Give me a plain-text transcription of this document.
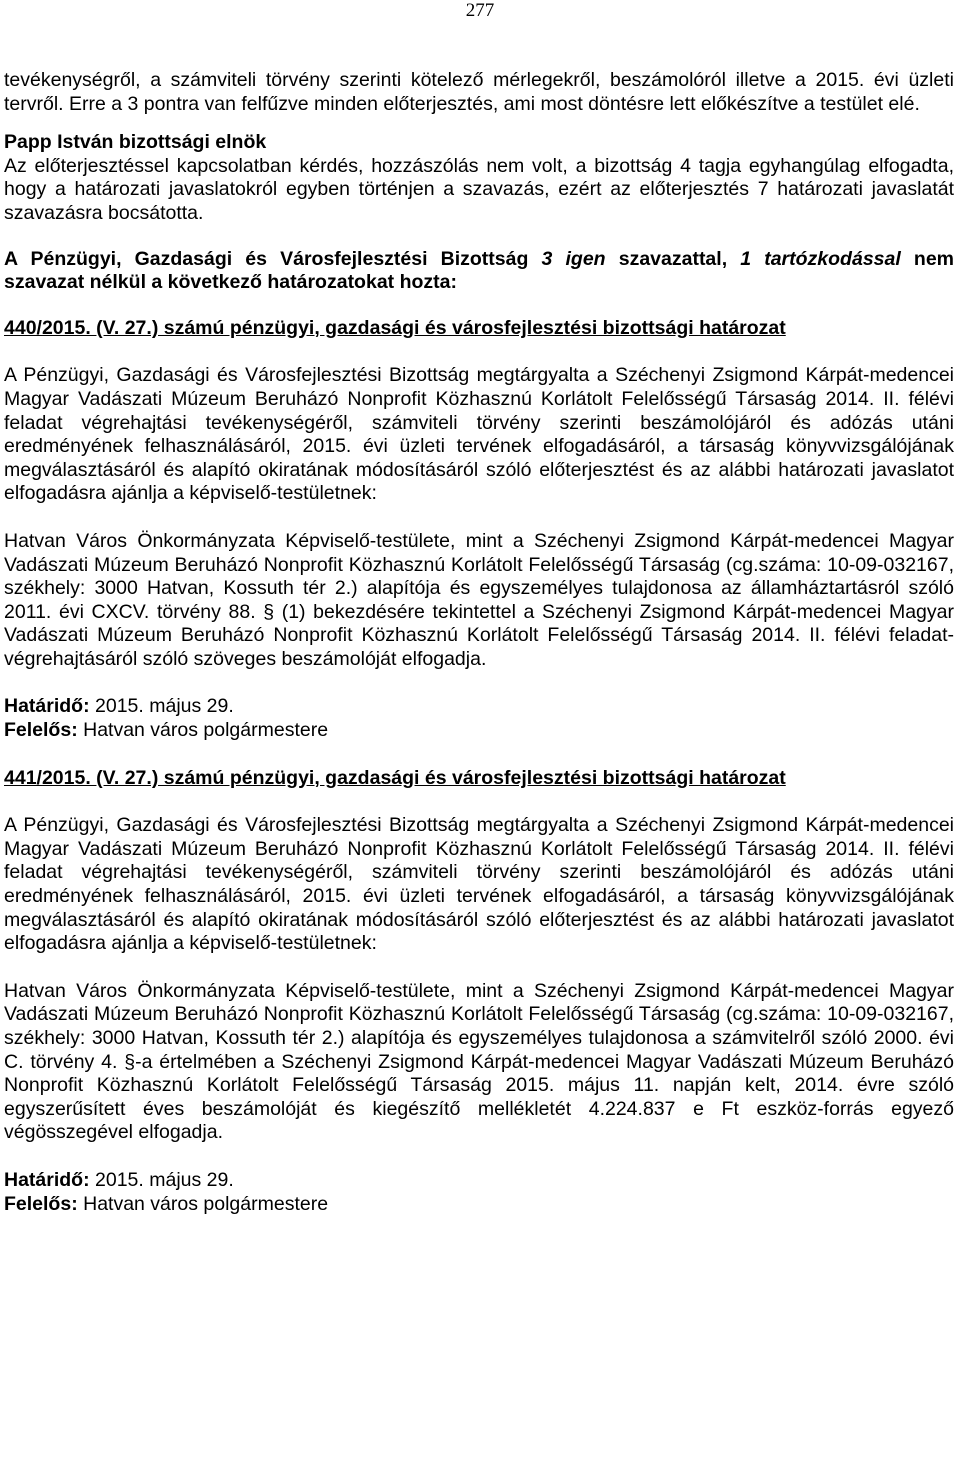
277

tevékenységről, a számviteli törvény szerinti kötelező mérlegekről, beszámolóról illetve a 2015. évi üzleti tervről. Erre a 3 pontra van felfűzve minden előterjesztés, ami most döntésre lett előkészítve a testület elé.

Papp István bizottsági elnök

Az előterjesztéssel kapcsolatban kérdés, hozzászólás nem volt, a bizottság 4 tagja egyhangúlag elfogadta, hogy a határozati javaslatokról egyben történjen a szavazás, ezért az előterjesztés 7 határozati javaslatát szavazásra bocsátotta.

A Pénzügyi, Gazdasági és Városfejlesztési Bizottság 3 igen szavazattal, 1 tartózkodással nem szavazat nélkül a következő határozatokat hozta:

440/2015. (V. 27.) számú pénzügyi, gazdasági és városfejlesztési bizottsági határozat

A Pénzügyi, Gazdasági és Városfejlesztési Bizottság megtárgyalta a Széchenyi Zsigmond Kárpát-medencei Magyar Vadászati Múzeum Beruházó Nonprofit Közhasznú Korlátolt Felelősségű Társaság 2014. II. félévi feladat végrehajtási tevékenységéről, számviteli törvény szerinti beszámolójáról és adózás utáni eredményének felhasználásáról, 2015. évi üzleti tervének elfogadásáról, a társaság könyvvizsgálójának megválasztásáról és alapító okiratának módosításáról szóló előterjesztést és az alábbi határozati javaslatot elfogadásra ajánlja a képviselő-testületnek:

Hatvan Város Önkormányzata Képviselő-testülete, mint a Széchenyi Zsigmond Kárpát-medencei Magyar Vadászati Múzeum Beruházó Nonprofit Közhasznú Korlátolt Felelősségű Társaság (cg.száma: 10-09-032167, székhely: 3000 Hatvan, Kossuth tér 2.) alapítója és egyszemélyes tulajdonosa az államháztartásról szóló 2011. évi CXCV. törvény 88. § (1) bekezdésére tekintettel a Széchenyi Zsigmond Kárpát-medencei Magyar Vadászati Múzeum Beruházó Nonprofit Közhasznú Korlátolt Felelősségű Társaság 2014. II. félévi feladat-végrehajtásáról szóló szöveges beszámolóját elfogadja.

Határidő: 2015. május 29.

Felelős: Hatvan város polgármestere

441/2015. (V. 27.) számú pénzügyi, gazdasági és városfejlesztési bizottsági határozat

A Pénzügyi, Gazdasági és Városfejlesztési Bizottság megtárgyalta a Széchenyi Zsigmond Kárpát-medencei Magyar Vadászati Múzeum Beruházó Nonprofit Közhasznú Korlátolt Felelősségű Társaság 2014. II. félévi feladat végrehajtási tevékenységéről, számviteli törvény szerinti beszámolójáról és adózás utáni eredményének felhasználásáról, 2015. évi üzleti tervének elfogadásáról, a társaság könyvvizsgálójának megválasztásáról és alapító okiratának módosításáról szóló előterjesztést és az alábbi határozati javaslatot elfogadásra ajánlja a képviselő-testületnek:

Hatvan Város Önkormányzata Képviselő-testülete, mint a Széchenyi Zsigmond Kárpát-medencei Magyar Vadászati Múzeum Beruházó Nonprofit Közhasznú Korlátolt Felelősségű Társaság (cg.száma: 10-09-032167, székhely: 3000 Hatvan, Kossuth tér 2.) alapítója és egyszemélyes tulajdonosa a számvitelről szóló 2000. évi C. törvény 4. §-a értelmében a Széchenyi Zsigmond Kárpát-medencei Magyar Vadászati Múzeum Beruházó Nonprofit Közhasznú Korlátolt Felelősségű Társaság 2015. május 11. napján kelt, 2014. évre szóló egyszerűsített éves beszámolóját és kiegészítő mellékletét 4.224.837 e Ft eszköz-forrás egyező végösszegével elfogadja.

Határidő: 2015. május 29.

Felelős: Hatvan város polgármestere
